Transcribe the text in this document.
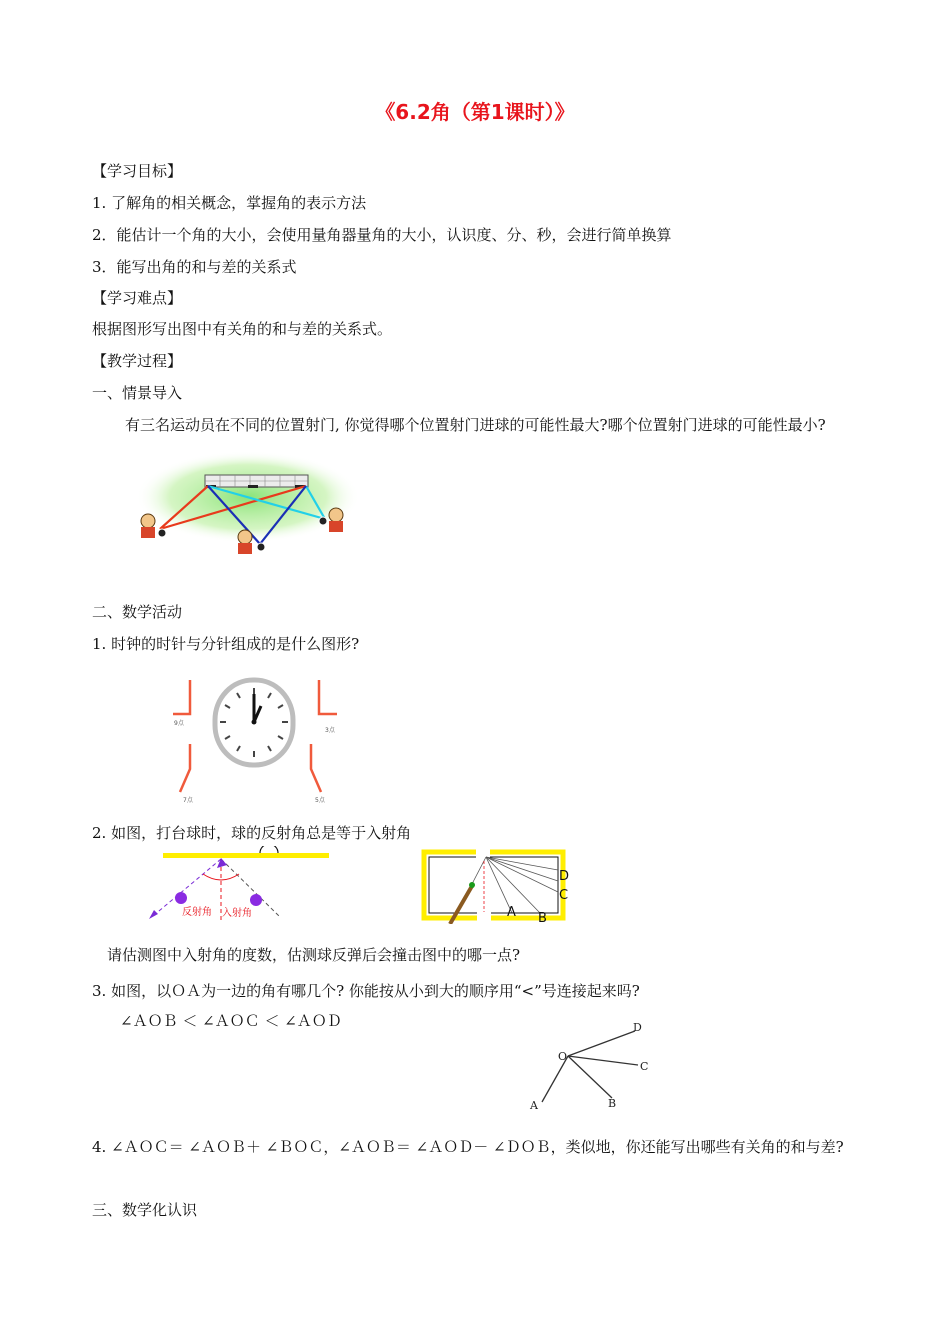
《6.2角（第1课时）》
【学习目标】
1. 了解角的相关概念，掌握角的表示方法
2．能估计一个角的大小，会使用量角器量角的大小，认识度、分、秒，会进行简单换算
3．能写出角的和与差的关系式
【学习难点】
根据图形写出图中有关角的和与差的关系式。
【教学过程】
一、情景导入
有三名运动员在不同的位置射门, 你觉得哪个位置射门进球的可能性最大?哪个位置射门进球的可能性最小?
二、数学活动
1. 时钟的时针与分针组成的是什么图形?
9点
3点
7点	5点
2. 如图，打台球时，球的反射角总是等于入射角
反射角 入射角
D
C
A B
请估测图中入射角的度数，估测球反弹后会撞击图中的哪一点?
3. 如图，以ＯＡ为一边的角有哪几个? 你能按从小到大的顺序用“<”号连接起来吗?
∠ＡＯＢ ＜ ∠ＡＯＣ ＜ ∠ＡＯＤ
O
A	B
C
D
4. ∠ＡＯＣ＝ ∠ＡＯＢ＋ ∠ＢＯＣ，∠ＡＯＢ＝ ∠ＡＯＤ－ ∠ＤＯＢ，类似地，你还能写出哪些有关角的和与差?
三、数学化认识
